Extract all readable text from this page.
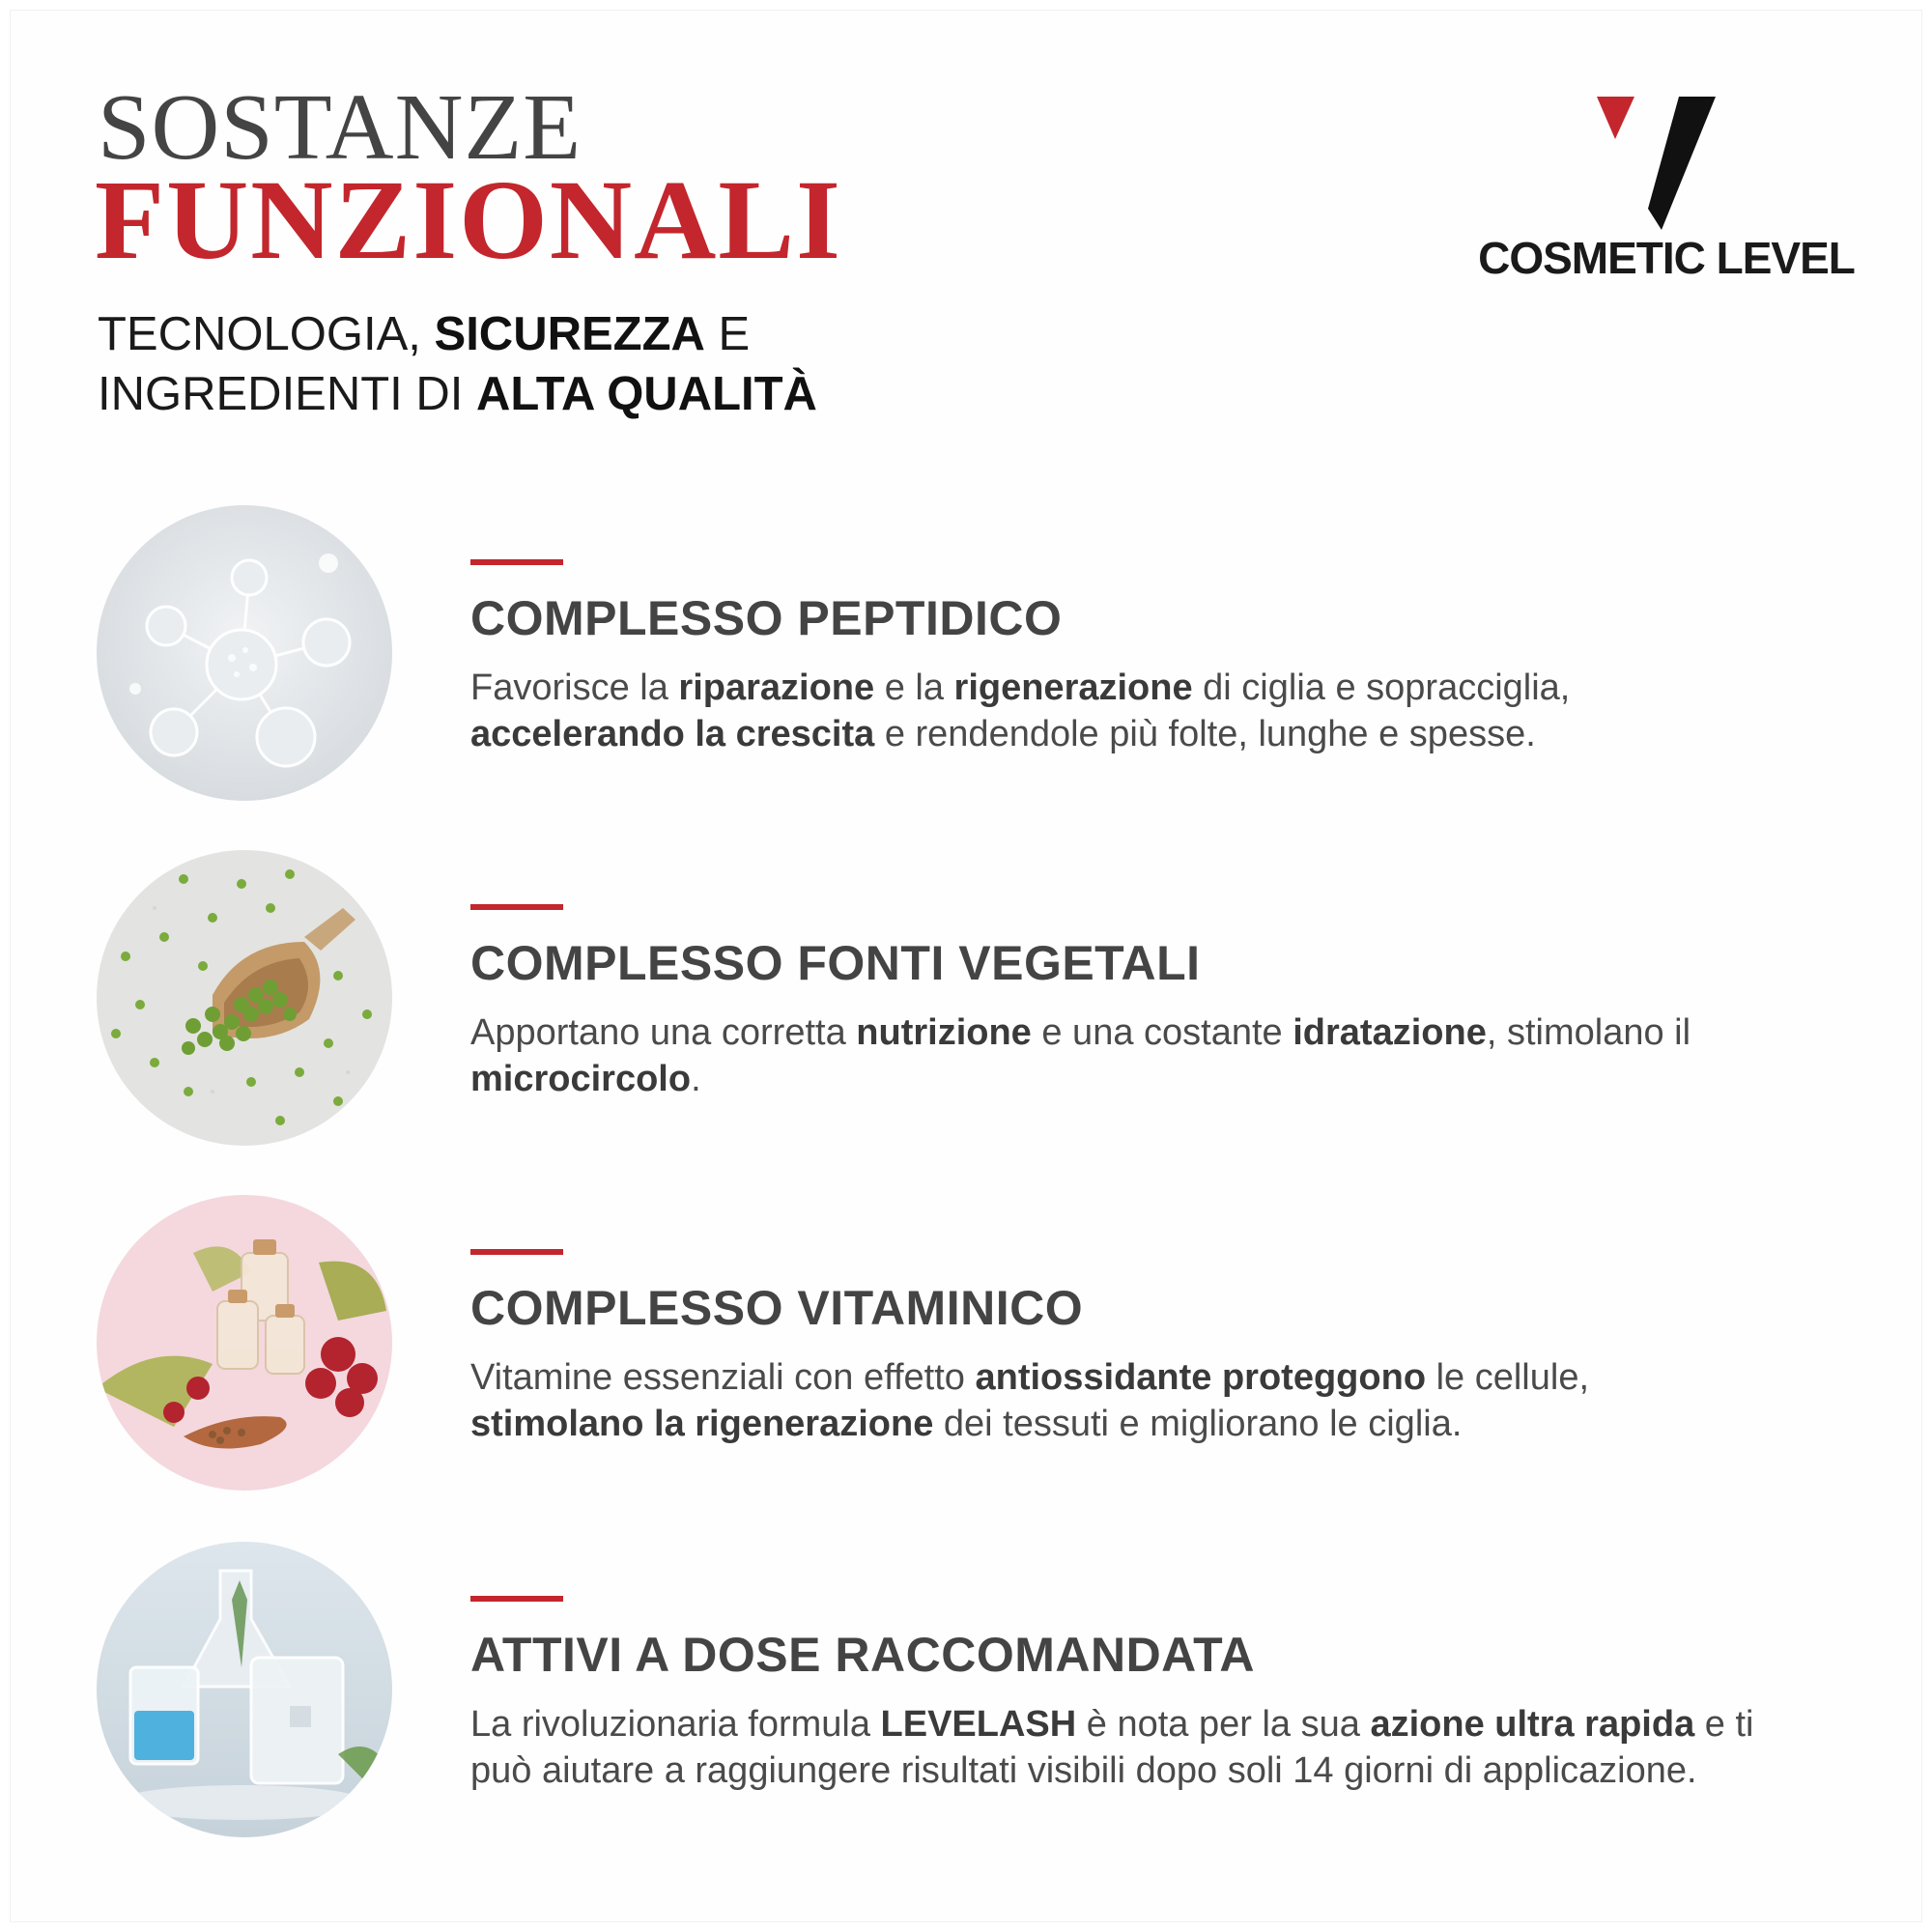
SOSTANZE
FUNZIONALI
TECNOLOGIA, SICUREZZA E
INGREDIENTI DI ALTA QUALITÀ
COSMETIC LEVEL
COMPLESSO PEPTIDICO
Favorisce la riparazione e la rigenerazione di ciglia e sopracciglia, accelerando la crescita e rendendole più folte, lunghe e spesse.
COMPLESSO FONTI VEGETALI
Apportano una corretta nutrizione e una costante idratazione, stimolano il microcircolo.
COMPLESSO VITAMINICO
Vitamine essenziali con effetto antiossidante proteggono le cellule, stimolano la rigenerazione dei tessuti e migliorano le ciglia.
ATTIVI A DOSE RACCOMANDATA
La rivoluzionaria formula LEVELASH è nota per la sua azione ultra rapida e ti può aiutare a raggiungere risultati visibili dopo soli 14 giorni di applicazione.
